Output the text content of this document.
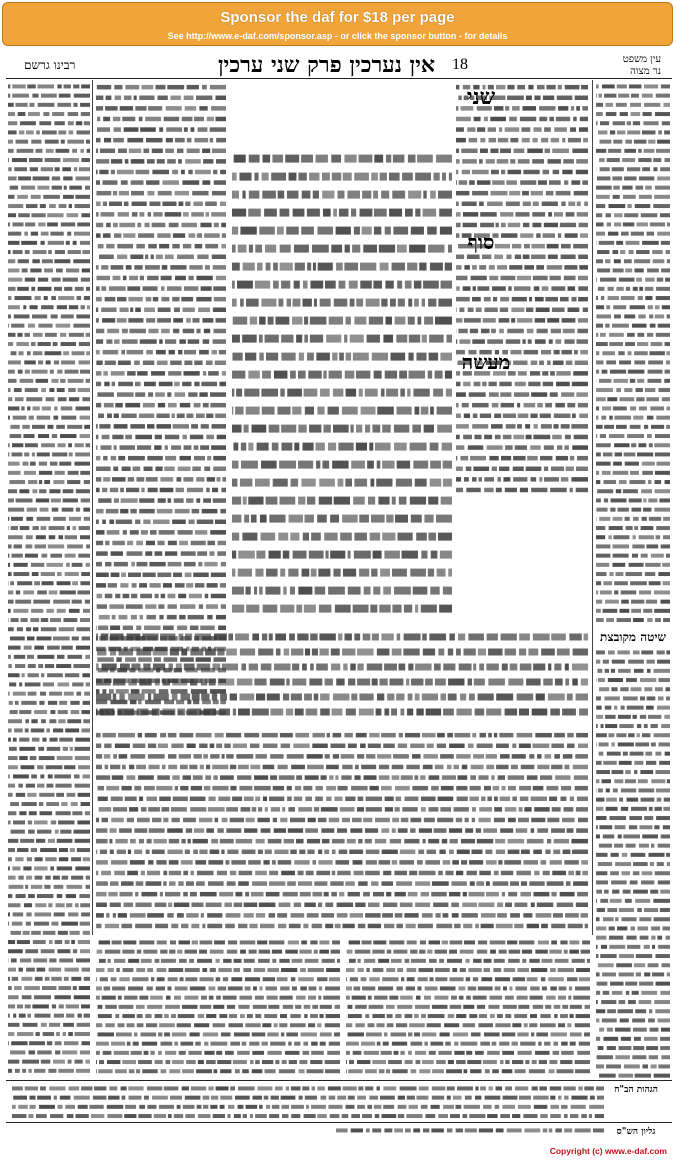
Sponsor the daf for $18 per page
See http://www.e-daf.com/sponsor.asp - or click the sponsor button - for details
רבינו גרשם	אין נערכין פרק שני ערכין	18	עין משפט
נר מצוה
שיטה מקובצת
שני
סוף
מעשה
הגהות הב"ח
גליון הש"ס
Copyright (c) www.e-daf.com
